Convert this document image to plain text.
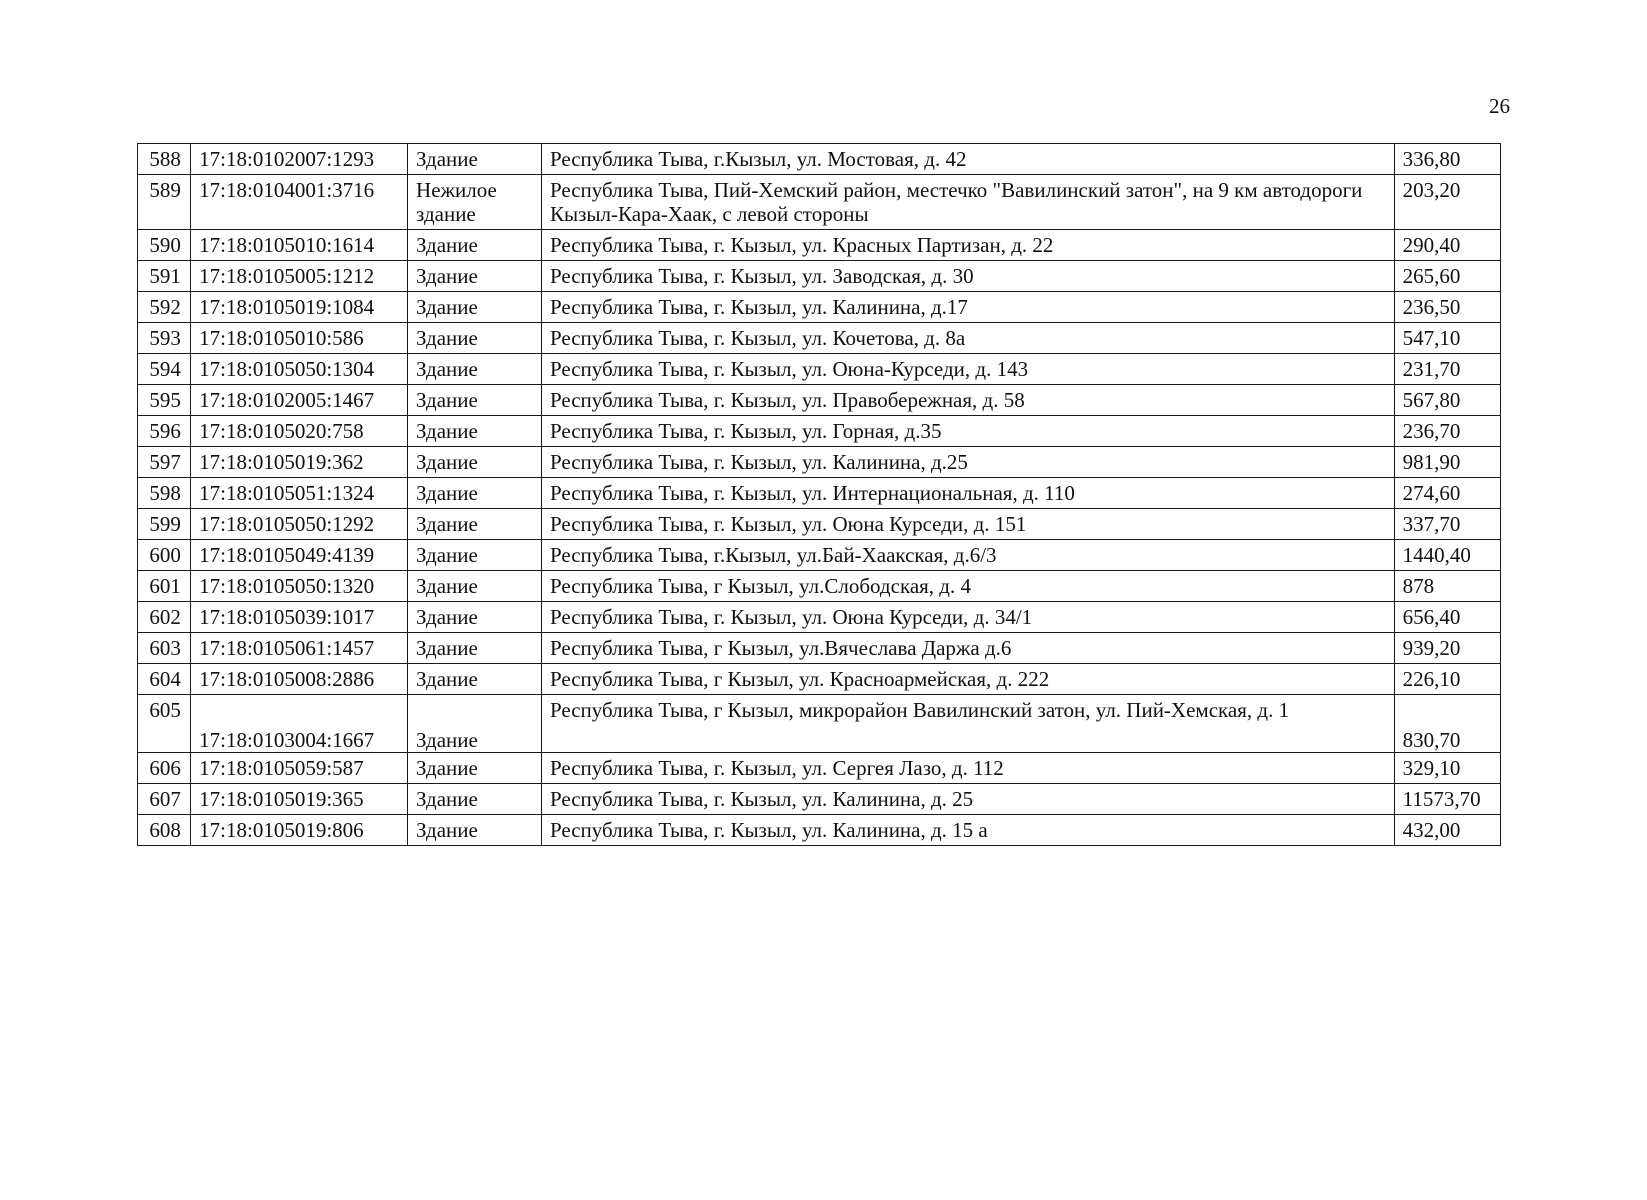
26
588	17:18:0102007:1293	Здание	Республика Тыва, г.Кызыл, ул. Мостовая, д. 42	336,80
589	17:18:0104001:3716	Нежилое здание	Республика Тыва, Пий-Хемский район, местечко "Вавилинский затон", на 9 км автодороги Кызыл-Кара-Хаак, с левой стороны	203,20
590	17:18:0105010:1614	Здание	Республика Тыва, г. Кызыл, ул. Красных Партизан, д. 22	290,40
591	17:18:0105005:1212	Здание	Республика Тыва, г. Кызыл, ул. Заводская, д. 30	265,60
592	17:18:0105019:1084	Здание	Республика Тыва, г. Кызыл, ул. Калинина, д.17	236,50
593	17:18:0105010:586	Здание	Республика Тыва, г. Кызыл, ул. Кочетова, д. 8а	547,10
594	17:18:0105050:1304	Здание	Республика Тыва, г. Кызыл, ул. Оюна-Курседи, д. 143	231,70
595	17:18:0102005:1467	Здание	Республика Тыва, г. Кызыл, ул. Правобережная, д. 58	567,80
596	17:18:0105020:758	Здание	Республика Тыва, г. Кызыл, ул. Горная, д.35	236,70
597	17:18:0105019:362	Здание	Республика Тыва, г. Кызыл, ул. Калинина, д.25	981,90
598	17:18:0105051:1324	Здание	Республика Тыва, г. Кызыл, ул. Интернациональная, д. 110	274,60
599	17:18:0105050:1292	Здание	Республика Тыва, г. Кызыл, ул. Оюна Курседи, д. 151	337,70
600	17:18:0105049:4139	Здание	Республика Тыва, г.Кызыл, ул.Бай-Хаакская, д.6/3	1440,40
601	17:18:0105050:1320	Здание	Республика Тыва, г Кызыл, ул.Слободская, д. 4	878
602	17:18:0105039:1017	Здание	Республика Тыва, г. Кызыл, ул. Оюна Курседи, д. 34/1	656,40
603	17:18:0105061:1457	Здание	Республика Тыва, г Кызыл, ул.Вячеслава Даржа д.6	939,20
604	17:18:0105008:2886	Здание	Республика Тыва, г Кызыл, ул. Красноармейская, д. 222	226,10
605	17:18:0103004:1667	Здание	Республика Тыва, г Кызыл, микрорайон Вавилинский затон, ул. Пий-Хемская, д. 1	830,70
606	17:18:0105059:587	Здание	Республика Тыва, г. Кызыл, ул. Сергея Лазо, д. 112	329,10
607	17:18:0105019:365	Здание	Республика Тыва, г. Кызыл, ул. Калинина, д. 25	11573,70
608	17:18:0105019:806	Здание	Республика Тыва, г. Кызыл, ул. Калинина, д. 15 а	432,00
